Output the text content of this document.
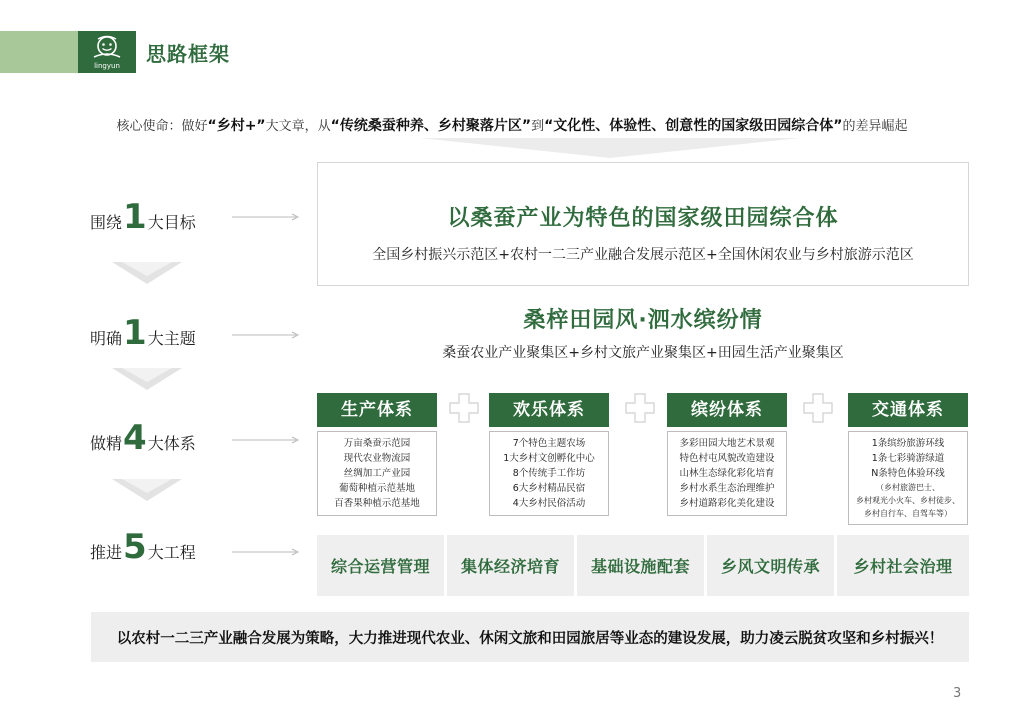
lingyun 思路框架
核心使命：做好“乡村+”大文章，从“传统桑蚕种养、乡村聚落片区”到“文化性、体验性、创意性的国家级田园综合体”的差异崛起
围绕 1 大目标
明确 1 大主题
做精 4 大体系
推进 5 大工程
以桑蚕产业为特色的国家级田园综合体
全国乡村振兴示范区+农村一二三产业融合发展示范区+全国休闲农业与乡村旅游示范区
桑梓田园风·泗水缤纷情
桑蚕农业产业聚集区+乡村文旅产业聚集区+田园生活产业聚集区
生产体系
万亩桑蚕示范园
现代农业物流园
丝绸加工产业园
葡萄种植示范基地
百香果种植示范基地
欢乐体系
7个特色主题农场
1大乡村文创孵化中心
8个传统手工作坊
6大乡村精品民宿
4大乡村民俗活动
缤纷体系
多彩田园大地艺术景观
特色村屯风貌改造建设
山林生态绿化彩化培育
乡村水系生态治理维护
乡村道路彩化美化建设
交通体系
1条缤纷旅游环线
1条七彩骑游绿道
N条特色体验环线
（乡村旅游巴士、
乡村观光小火车、乡村徒步、
乡村自行车、自驾车等）
综合运营管理	集体经济培育	基础设施配套	乡风文明传承	乡村社会治理
以农村一二三产业融合发展为策略，大力推进现代农业、休闲文旅和田园旅居等业态的建设发展，助力凌云脱贫攻坚和乡村振兴！
3
